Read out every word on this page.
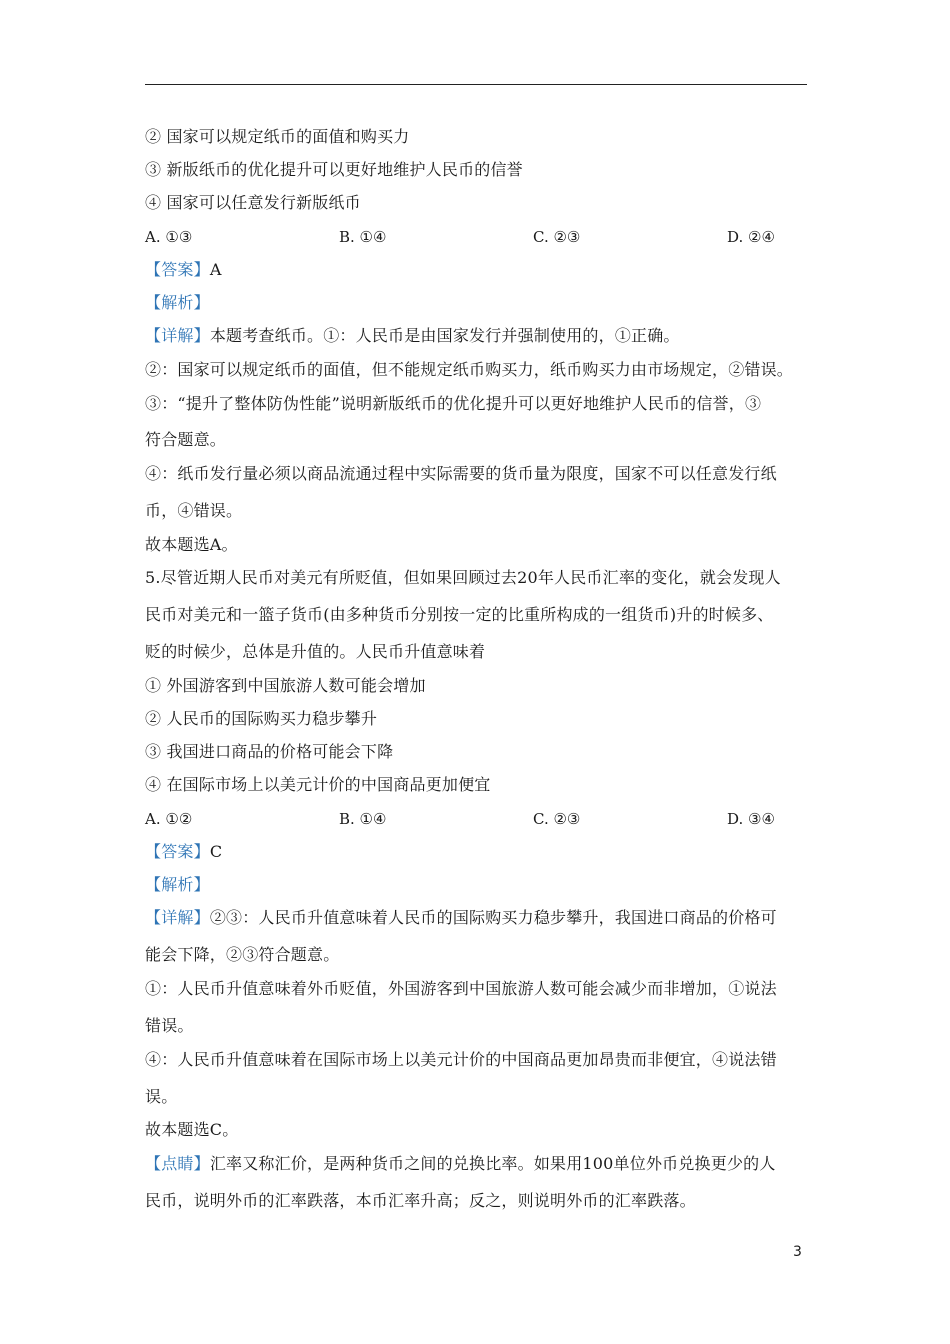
② 国家可以规定纸币的面值和购买力
③ 新版纸币的优化提升可以更好地维护人民币的信誉
④ 国家可以任意发行新版纸币
A. ①③	B. ①④	C. ②③	D. ②④
【答案】A
【解析】
【详解】本题考查纸币。①：人民币是由国家发行并强制使用的，①正确。
②：国家可以规定纸币的面值，但不能规定纸币购买力，纸币购买力由市场规定，②错误。
③：“提升了整体防伪性能”说明新版纸币的优化提升可以更好地维护人民币的信誉，③
符合题意。
④：纸币发行量必须以商品流通过程中实际需要的货币量为限度，国家不可以任意发行纸
币，④错误。
故本题选A。
5.尽管近期人民币对美元有所贬值，但如果回顾过去20年人民币汇率的变化，就会发现人
民币对美元和一篮子货币(由多种货币分别按一定的比重所构成的一组货币)升的时候多、
贬的时候少，总体是升值的。人民币升值意味着
① 外国游客到中国旅游人数可能会增加
② 人民币的国际购买力稳步攀升
③ 我国进口商品的价格可能会下降
④ 在国际市场上以美元计价的中国商品更加便宜
A. ①②	B. ①④	C. ②③	D. ③④
【答案】C
【解析】
【详解】②③：人民币升值意味着人民币的国际购买力稳步攀升，我国进口商品的价格可
能会下降，②③符合题意。
①：人民币升值意味着外币贬值，外国游客到中国旅游人数可能会减少而非增加，①说法
错误。
④：人民币升值意味着在国际市场上以美元计价的中国商品更加昂贵而非便宜，④说法错
误。
故本题选C。
【点睛】汇率又称汇价，是两种货币之间的兑换比率。如果用100单位外币兑换更少的人
民币，说明外币的汇率跌落，本币汇率升高；反之，则说明外币的汇率跌落。
3
